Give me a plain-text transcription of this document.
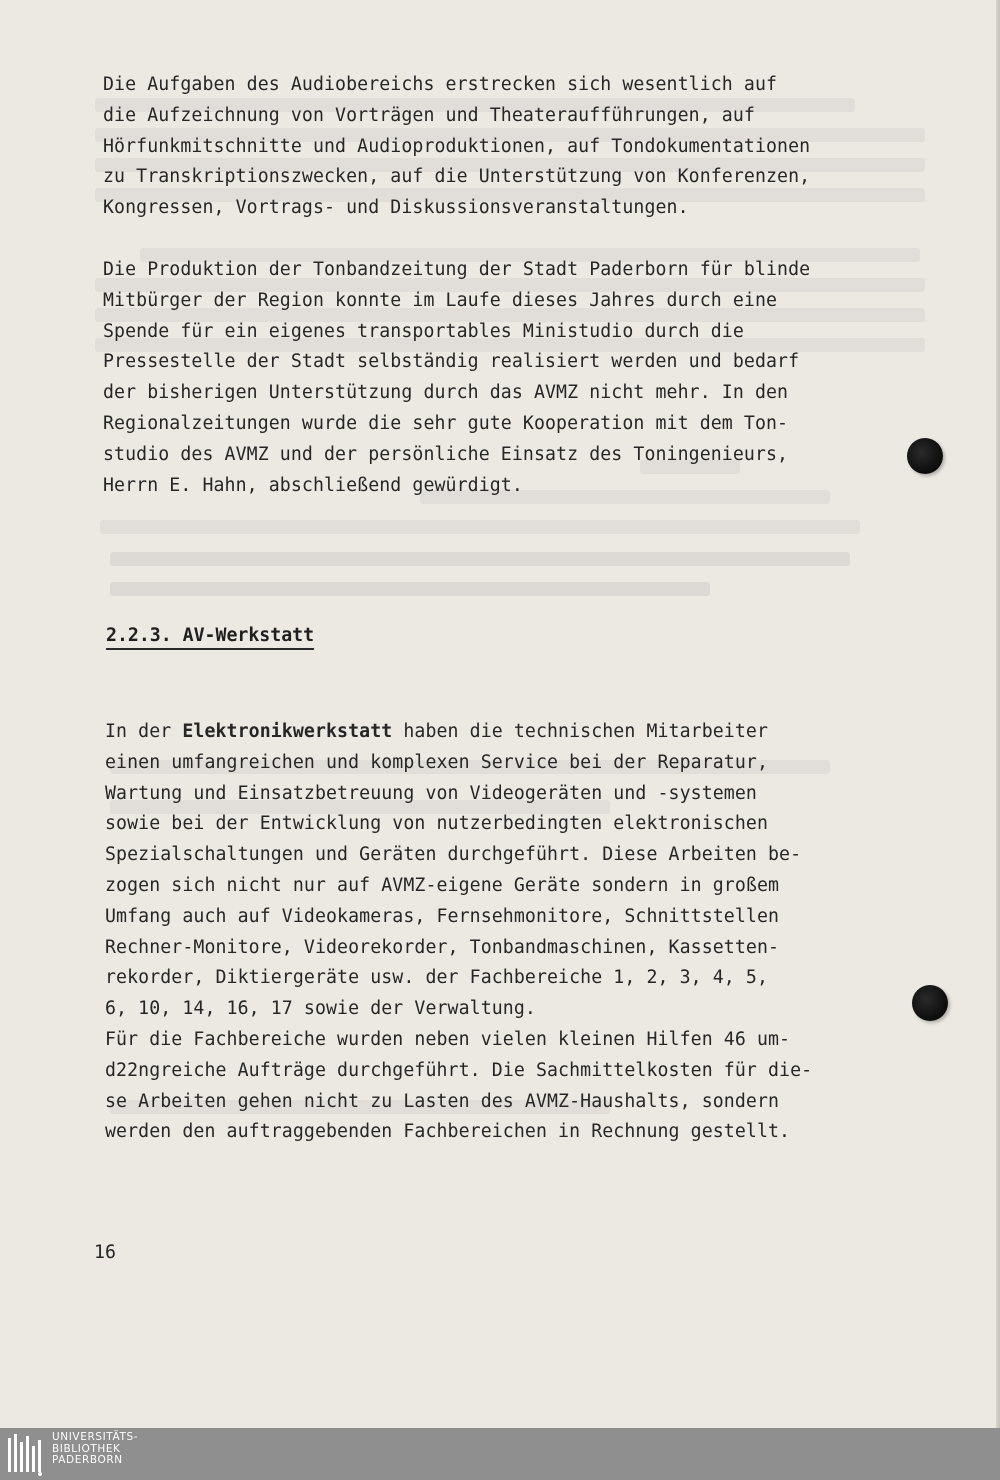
Die Aufgaben des Audiobereichs erstrecken sich wesentlich auf
die Aufzeichnung von Vorträgen und Theateraufführungen, auf
Hörfunkmitschnitte und Audioproduktionen, auf Tondokumentationen
zu Transkriptionszwecken, auf die Unterstützung von Konferenzen,
Kongressen, Vortrags- und Diskussionsveranstaltungen.
Die Produktion der Tonbandzeitung der Stadt Paderborn für blinde
Mitbürger der Region konnte im Laufe dieses Jahres durch eine
Spende für ein eigenes transportables Ministudio durch die
Pressestelle der Stadt selbständig realisiert werden und bedarf
der bisherigen Unterstützung durch das AVMZ nicht mehr. In den
Regionalzeitungen wurde die sehr gute Kooperation mit dem Ton-
studio des AVMZ und der persönliche Einsatz des Toningenieurs,
Herrn E. Hahn, abschließend gewürdigt.
2.2.3. AV-Werkstatt
In der Elektronikwerkstatt haben die technischen Mitarbeiter
einen umfangreichen und komplexen Service bei der Reparatur,
Wartung und Einsatzbetreuung von Videogeräten und -systemen
sowie bei der Entwicklung von nutzerbedingten elektronischen
Spezialschaltungen und Geräten durchgeführt. Diese Arbeiten be-
zogen sich nicht nur auf AVMZ-eigene Geräte sondern in großem
Umfang auch auf Videokameras, Fernsehmonitore, Schnittstellen
Rechner-Monitore, Videorekorder, Tonbandmaschinen, Kassetten-
rekorder, Diktiergeräte usw. der Fachbereiche 1, 2, 3, 4, 5,
6, 10, 14, 16, 17 sowie der Verwaltung.
Für die Fachbereiche wurden neben vielen kleinen Hilfen 46 um-
d22ngreiche Aufträge durchgeführt. Die Sachmittelkosten für die-
se Arbeiten gehen nicht zu Lasten des AVMZ-Haushalts, sondern
werden den auftraggebenden Fachbereichen in Rechnung gestellt.
16
UNIVERSITÄTS-
BIBLIOTHEK
PADERBORN
